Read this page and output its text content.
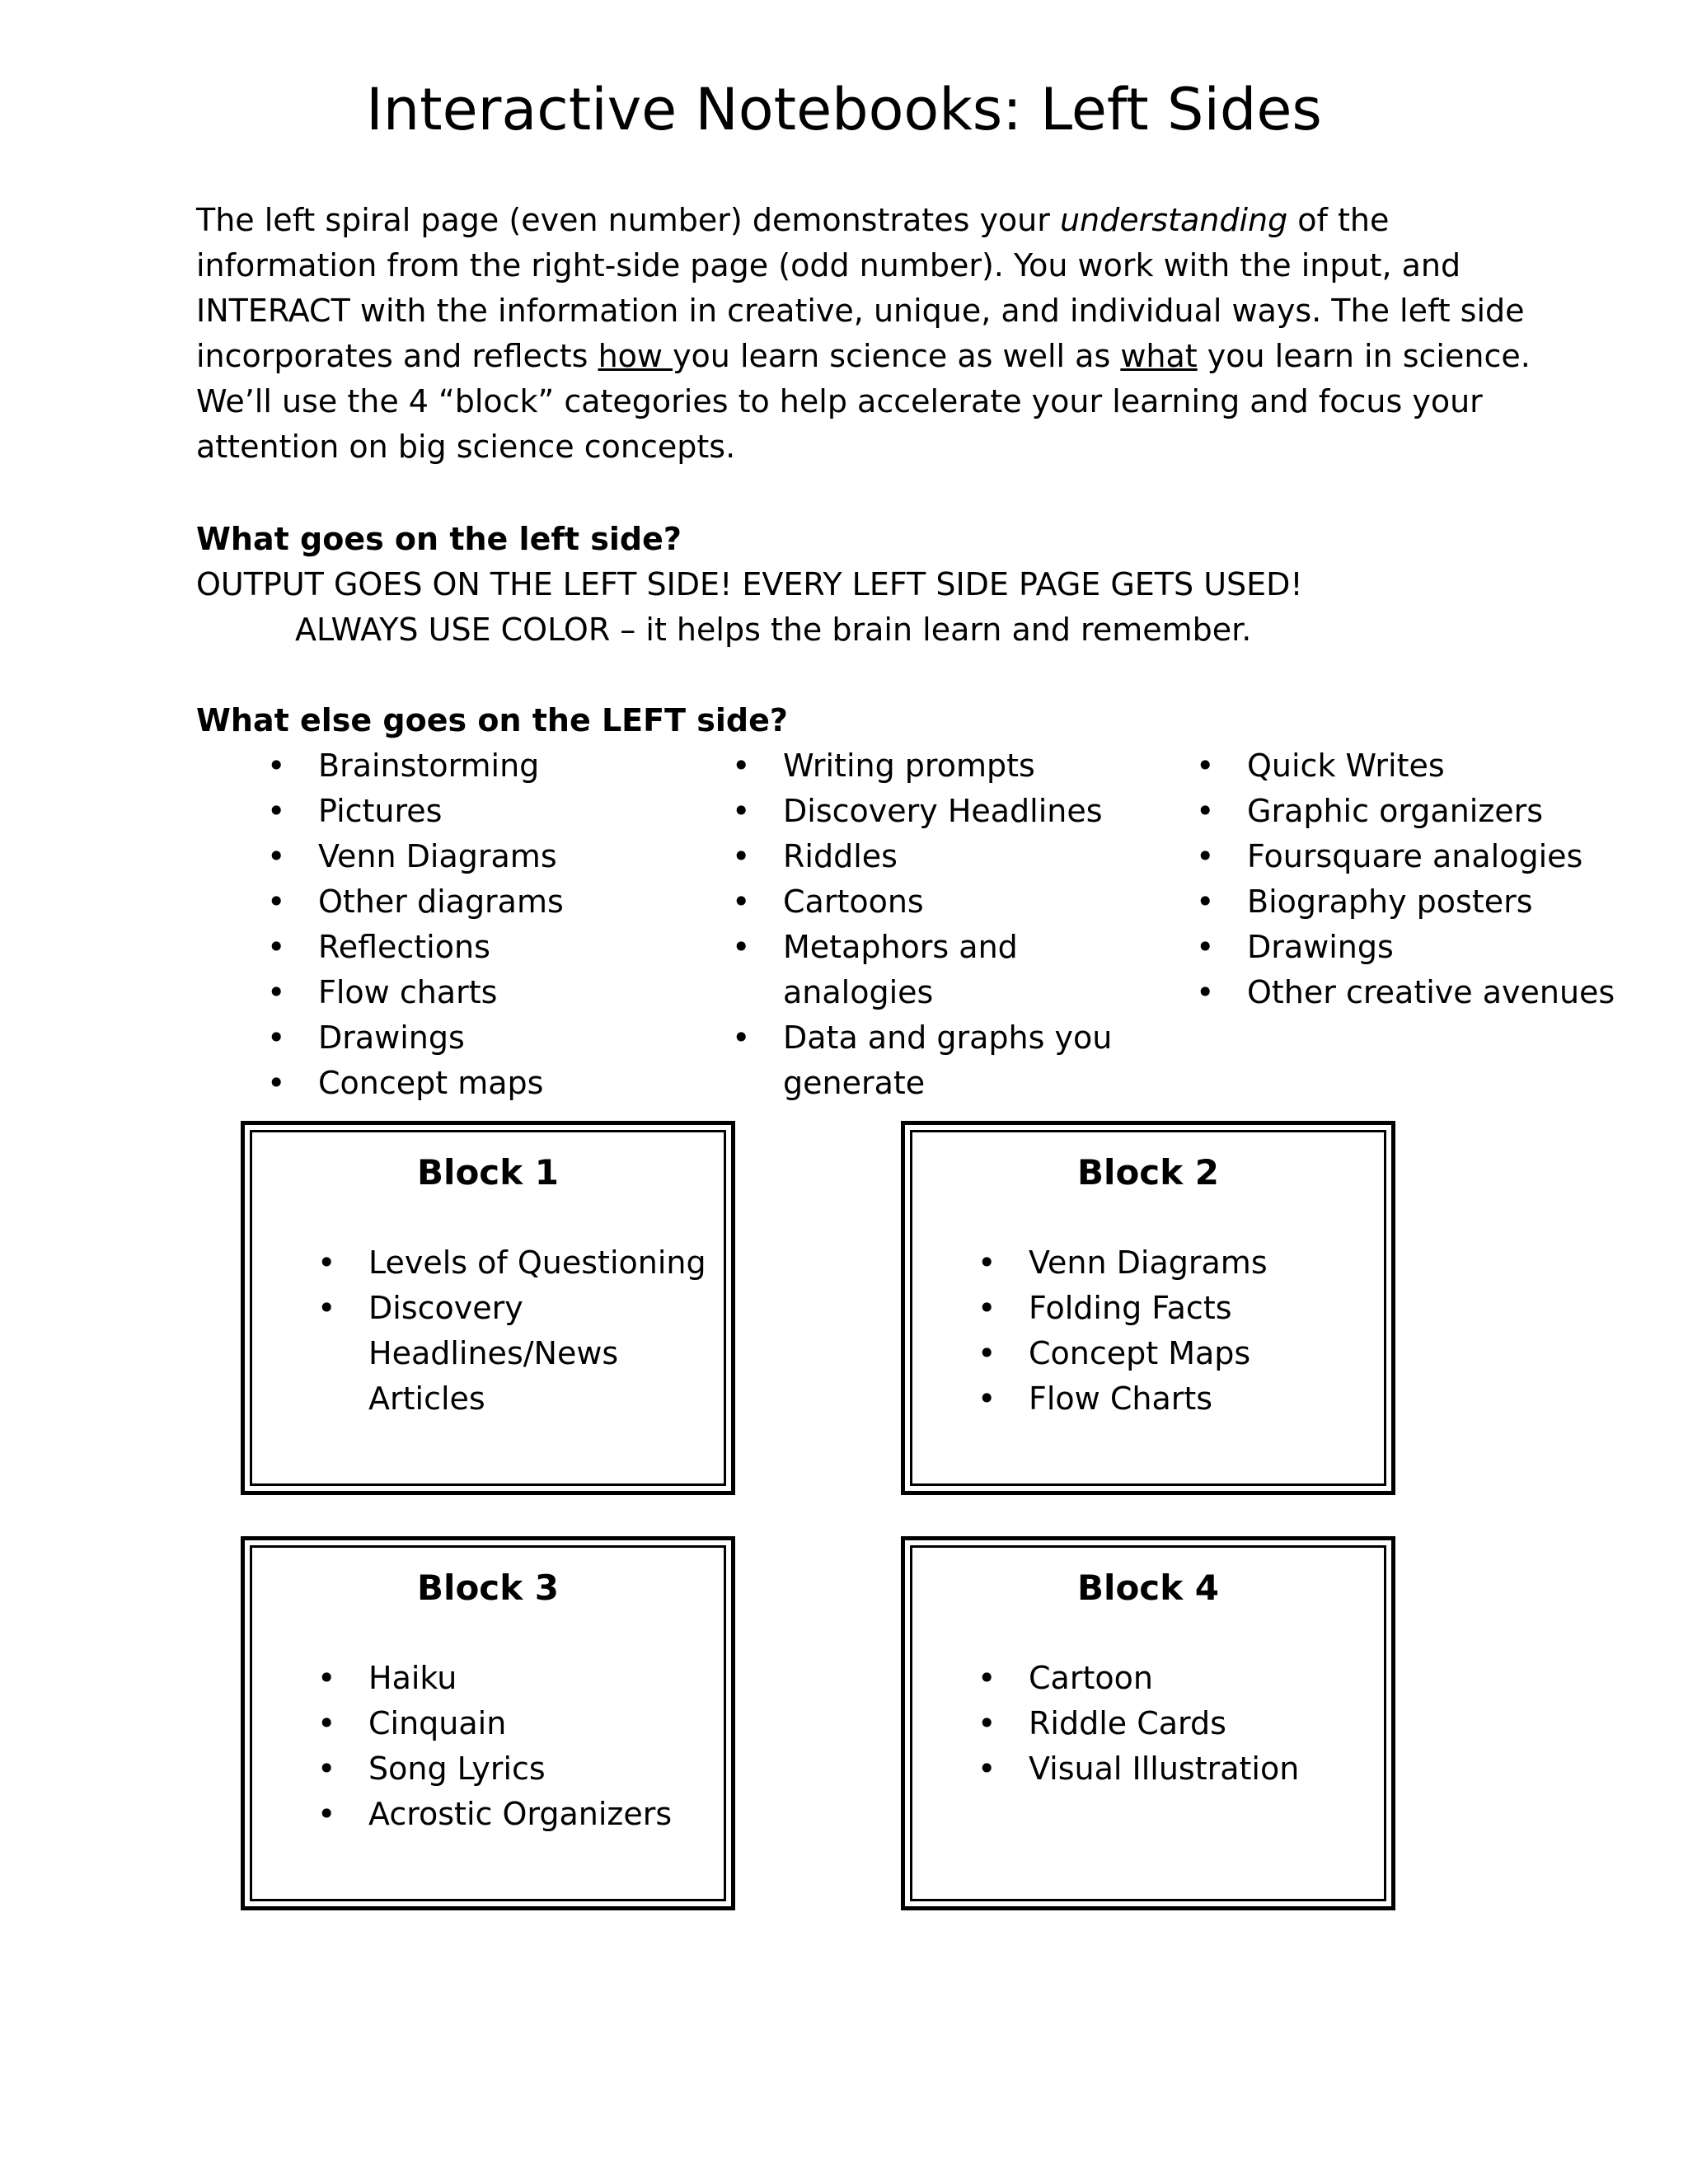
Interactive Notebooks: Left Sides

The left spiral page (even number) demonstrates your understanding of the information from the right-side page (odd number). You work with the input, and INTERACT with the information in creative, unique, and individual ways. The left side incorporates and reflects how you learn science as well as what you learn in science. We’ll use the 4 “block” categories to help accelerate your learning and focus your attention on big science concepts.

What goes on the left side?
OUTPUT GOES ON THE LEFT SIDE! EVERY LEFT SIDE PAGE GETS USED!
ALWAYS USE COLOR – it helps the brain learn and remember.
What else goes on the LEFT side?
• Brainstorming
• Pictures
• Venn Diagrams
• Other diagrams
• Reflections
• Flow charts
• Drawings
• Concept maps
• Writing prompts
• Discovery Headlines
• Riddles
• Cartoons
• Metaphors and analogies
• Data and graphs you generate
• Quick Writes
• Graphic organizers
• Foursquare analogies
• Biography posters
• Drawings
• Other creative avenues
Block 1
• Levels of Questioning
• Discovery Headlines/News Articles
Block 2
• Venn Diagrams
• Folding Facts
• Concept Maps
• Flow Charts
Block 3
• Haiku
• Cinquain
• Song Lyrics
• Acrostic Organizers
Block 4
• Cartoon
• Riddle Cards
• Visual Illustration
